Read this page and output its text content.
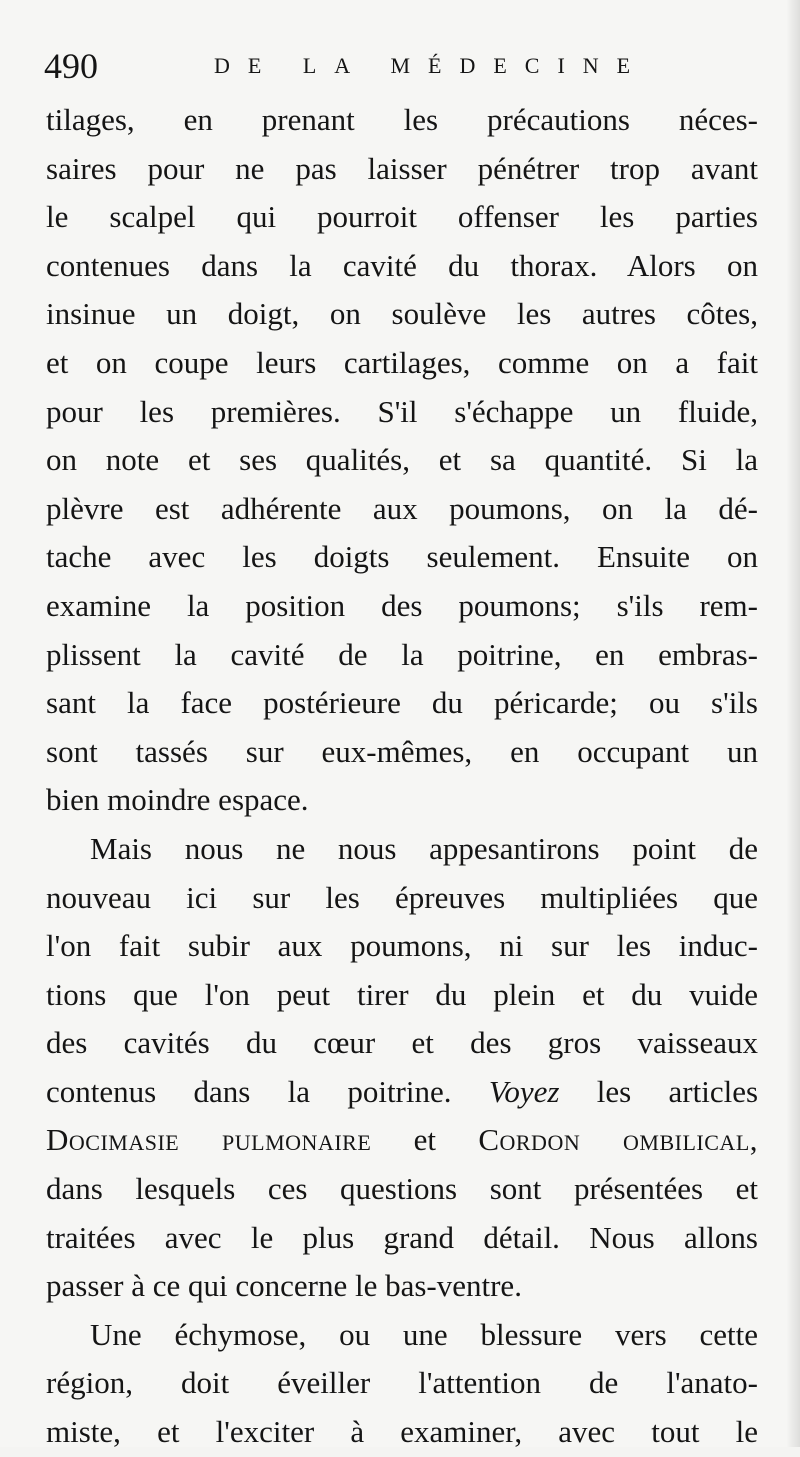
490	DE LA MÉDECINE
tilages, en prenant les précautions néces-
saires pour ne pas laisser pénétrer trop avant
le scalpel qui pourroit offenser les parties
contenues dans la cavité du thorax. Alors on
insinue un doigt, on soulève les autres côtes,
et on coupe leurs cartilages, comme on a fait
pour les premières. S'il s'échappe un fluide,
on note et ses qualités, et sa quantité. Si la
plèvre est adhérente aux poumons, on la dé-
tache avec les doigts seulement. Ensuite on
examine la position des poumons; s'ils rem-
plissent la cavité de la poitrine, en embras-
sant la face postérieure du péricarde; ou s'ils
sont tassés sur eux-mêmes, en occupant un
bien moindre espace.
Mais nous ne nous appesantirons point de
nouveau ici sur les épreuves multipliées que
l'on fait subir aux poumons, ni sur les induc-
tions que l'on peut tirer du plein et du vuide
des cavités du cœur et des gros vaisseaux
contenus dans la poitrine. Voyez les articles
Docimasie pulmonaire et Cordon ombilical,
dans lesquels ces questions sont présentées et
traitées avec le plus grand détail. Nous allons
passer à ce qui concerne le bas-ventre.
Une échymose, ou une blessure vers cette
région, doit éveiller l'attention de l'anato-
miste, et l'exciter à examiner, avec tout le
